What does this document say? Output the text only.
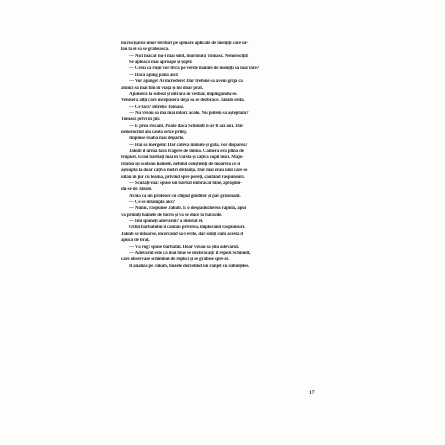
încrucișarea unor lovituri pe spinare aplicate de mențiți care ur-
lau la ei să se grăbească.
— Nici măcar nu-l mai simt, murmură Tomasz. Nenorociții!
Se apleacă mai aproape și șopti:
— Crezi că rușii vor livra pe verde înainte de mențiți să mai tare?
— Dacă ajung până aici!
— Vor ajunge! Ai încredere! Dar trebuie să avem grijă ca
atunci să mai fim în viață și nu doar praf.
Ajunseră la subsol și intrară în vestiar, împingându-se.
Veniseră alții care începuseră deja să se dezbrace. Jakub ezită.
— Ce faci? întrebă Tomasz.
— Nu vreau să mă mai întorc acolo. Nu putem să așteptăm?
Tomasz privi în jur.
— E prea riscant. Poate dacă Schmidt n-ar fi azi aici. Dar
nenorocitul ăla caută orice prilej.
Împinse roaba mai departe.
— Hai să mergem! Dar câteva minute și gata, vor dispărea!
Jakub îl urmă fără tragere de inimă. Camera era plină de
trupuri. Erau bărbați mai în vârstă și câțiva copii mici. Majo-
ritatea își scoteau hainele, nefiind conștienți de moartea ce îi
așteaptă la doar câțiva metri distanță. Dar mai erau unii care se
uitau în jur cu teamă, privind spre pereți, căutând răspunsuri.
— Scuzați-mă! spuse un bărbat îmbrăcat bine, apropiin-
du-se de Jakub.
Arăta ca un profesor cu chipul ginditor și păr grizonant.
— Ce se întâmplă aici?
— Nimic, răspunse Jakub. E o despăducherea rapidă, apoi
vă primiți hainele de lucru și vă se duce la barăcile.
— Îmi spuneți adevărul? a insistat el.
Ochii bărbatului îi căutau privirea, implorând răspunsuri.
Jakub se întoarse, încercând să-l evite, dar simți cum acesta îl
apucă de braț.
— Vă rog! spuse bărbatul. Doar vreau să știu adevărul.
— Adevărul este că mai bine se dezbrăcați! îl repezi Schmidt,
care observase schimbul de replici și se grăbise spre ei.
Îl analiză pe Jakub, buzele dezvelind un rânjet cu subînțeles.
17
